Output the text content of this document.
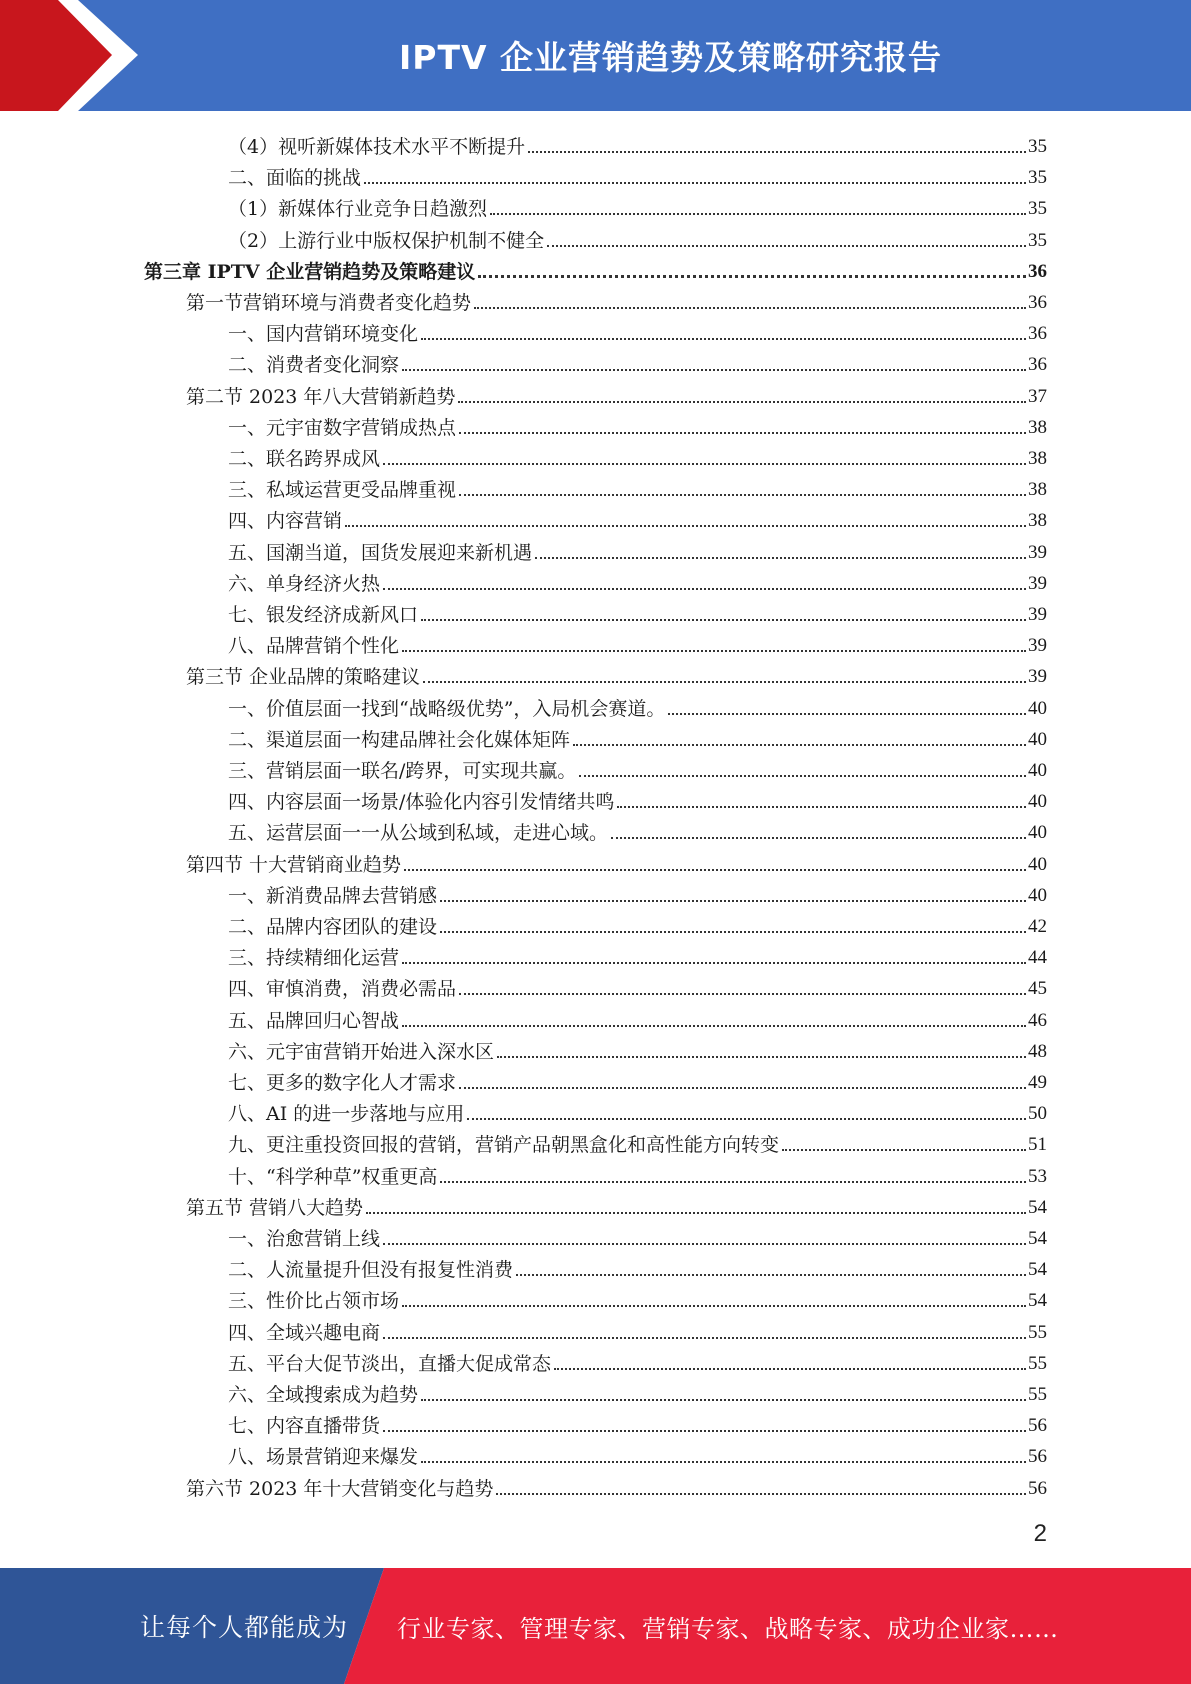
IPTV 企业营销趋势及策略研究报告
（4）视听新媒体技术水平不断提升	35
二、面临的挑战	35
（1）新媒体行业竞争日趋激烈	35
（2）上游行业中版权保护机制不健全	35
第三章 IPTV 企业营销趋势及策略建议	36
第一节营销环境与消费者变化趋势	36
一、国内营销环境变化	36
二、消费者变化洞察	36
第二节 2023 年八大营销新趋势	37
一、元宇宙数字营销成热点	38
二、联名跨界成风	38
三、私域运营更受品牌重视	38
四、内容营销	38
五、国潮当道，国货发展迎来新机遇	39
六、单身经济火热	39
七、银发经济成新风口	39
八、品牌营销个性化	39
第三节 企业品牌的策略建议	39
一、价值层面一找到“战略级优势”，入局机会赛道。	40
二、渠道层面一构建品牌社会化媒体矩阵	40
三、营销层面一联名/跨界，可实现共赢。	40
四、内容层面一场景/体验化内容引发情绪共鸣	40
五、运营层面一一从公域到私域，走进心域。	40
第四节 十大营销商业趋势	40
一、新消费品牌去营销感	40
二、品牌内容团队的建设	42
三、持续精细化运营	44
四、审慎消费，消费必需品	45
五、品牌回归心智战	46
六、元宇宙营销开始进入深水区	48
七、更多的数字化人才需求	49
八、AI 的进一步落地与应用	50
九、更注重投资回报的营销，营销产品朝黑盒化和高性能方向转变	51
十、“科学种草”权重更高	53
第五节 营销八大趋势	54
一、治愈营销上线	54
二、人流量提升但没有报复性消费	54
三、性价比占领市场	54
四、全域兴趣电商	55
五、平台大促节淡出，直播大促成常态	55
六、全域搜索成为趋势	55
七、内容直播带货	56
八、场景营销迎来爆发	56
第六节 2023 年十大营销变化与趋势	56
2
让每个人都能成为 行业专家、管理专家、营销专家、战略专家、成功企业家……
